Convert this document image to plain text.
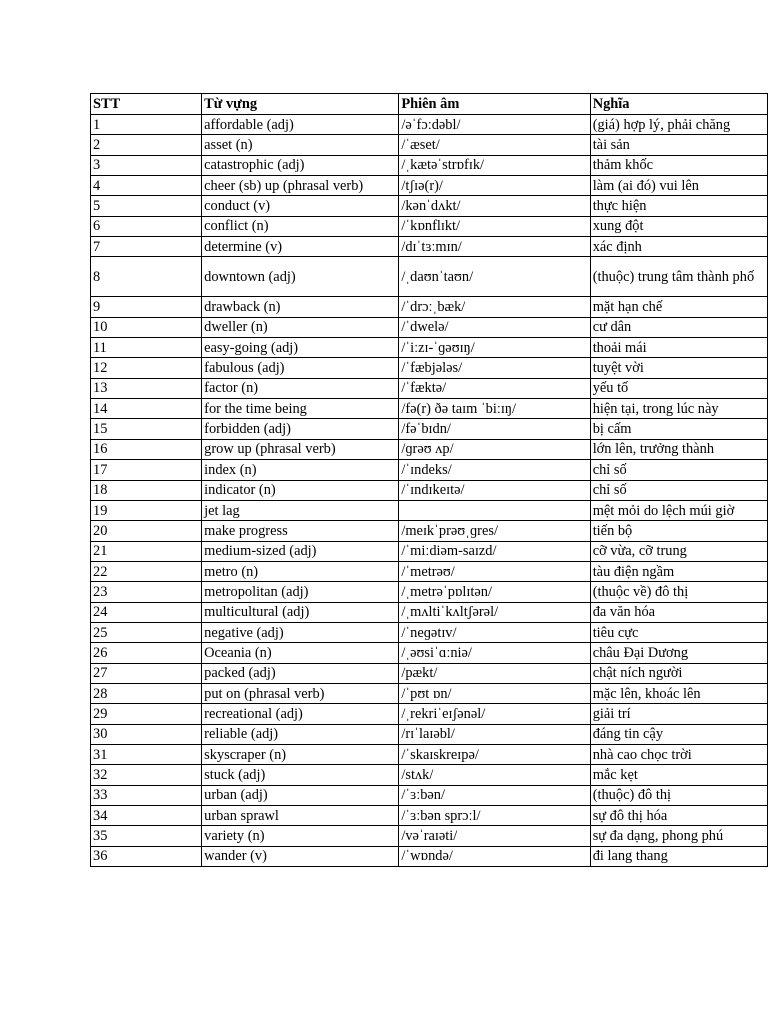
STT	Từ vựng	Phiên âm	Nghĩa
1	affordable (adj)	/əˈfɔːdəbl/	(giá) hợp lý, phải chăng
2	asset (n)	/ˈæset/	tài sản
3	catastrophic (adj)	/ˌkætəˈstrɒfɪk/	thảm khốc
4	cheer (sb) up (phrasal verb)	/tʃɪə(r)/	làm (ai đó) vui lên
5	conduct (v)	/kənˈdʌkt/	thực hiện
6	conflict (n)	/ˈkɒnflɪkt/	xung đột
7	determine (v)	/dɪˈtɜːmɪn/	xác định
8	downtown (adj)	/ˌdaʊnˈtaʊn/	(thuộc) trung tâm thành phố
9	drawback (n)	/ˈdrɔːˌbæk/	mặt hạn chế
10	dweller (n)	/ˈdwelə/	cư dân
11	easy-going (adj)	/ˈiːzɪ-ˈɡəʊɪŋ/	thoải mái
12	fabulous (adj)	/ˈfæbjələs/	tuyệt vời
13	factor (n)	/ˈfæktə/	yếu tố
14	for the time being	/fə(r) ðə taɪm ˈbiːɪŋ/	hiện tại, trong lúc này
15	forbidden (adj)	/fəˈbɪdn/	bị cấm
16	grow up (phrasal verb)	/ɡrəʊ ʌp/	lớn lên, trưởng thành
17	index (n)	/ˈɪndeks/	chỉ số
18	indicator (n)	/ˈɪndɪkeɪtə/	chỉ số
19	jet lag		mệt mỏi do lệch múi giờ
20	make progress	/meɪkˈprəʊˌɡres/	tiến bộ
21	medium-sized (adj)	/ˈmiːdiəm-saɪzd/	cỡ vừa, cỡ trung
22	metro (n)	/ˈmetrəʊ/	tàu điện ngầm
23	metropolitan (adj)	/ˌmetrəˈpɒlɪtən/	(thuộc về) đô thị
24	multicultural (adj)	/ˌmʌltiˈkʌltʃərəl/	đa văn hóa
25	negative (adj)	/ˈneɡətɪv/	tiêu cực
26	Oceania (n)	/ˌəʊsiˈɑːniə/	châu Đại Dương
27	packed (adj)	/pækt/	chật ních người
28	put on (phrasal verb)	/ˈpʊt ɒn/	mặc lên, khoác lên
29	recreational (adj)	/ˌrekriˈeɪʃənəl/	giải trí
30	reliable (adj)	/rɪˈlaɪəbl/	đáng tin cậy
31	skyscraper (n)	/ˈskaɪskreɪpə/	nhà cao chọc trời
32	stuck (adj)	/stʌk/	mắc kẹt
33	urban (adj)	/ˈɜːbən/	(thuộc) đô thị
34	urban sprawl	/ˈɜːbən sprɔːl/	sự đô thị hóa
35	variety (n)	/vəˈraɪəti/	sự đa dạng, phong phú
36	wander (v)	/ˈwɒndə/	đi lang thang
